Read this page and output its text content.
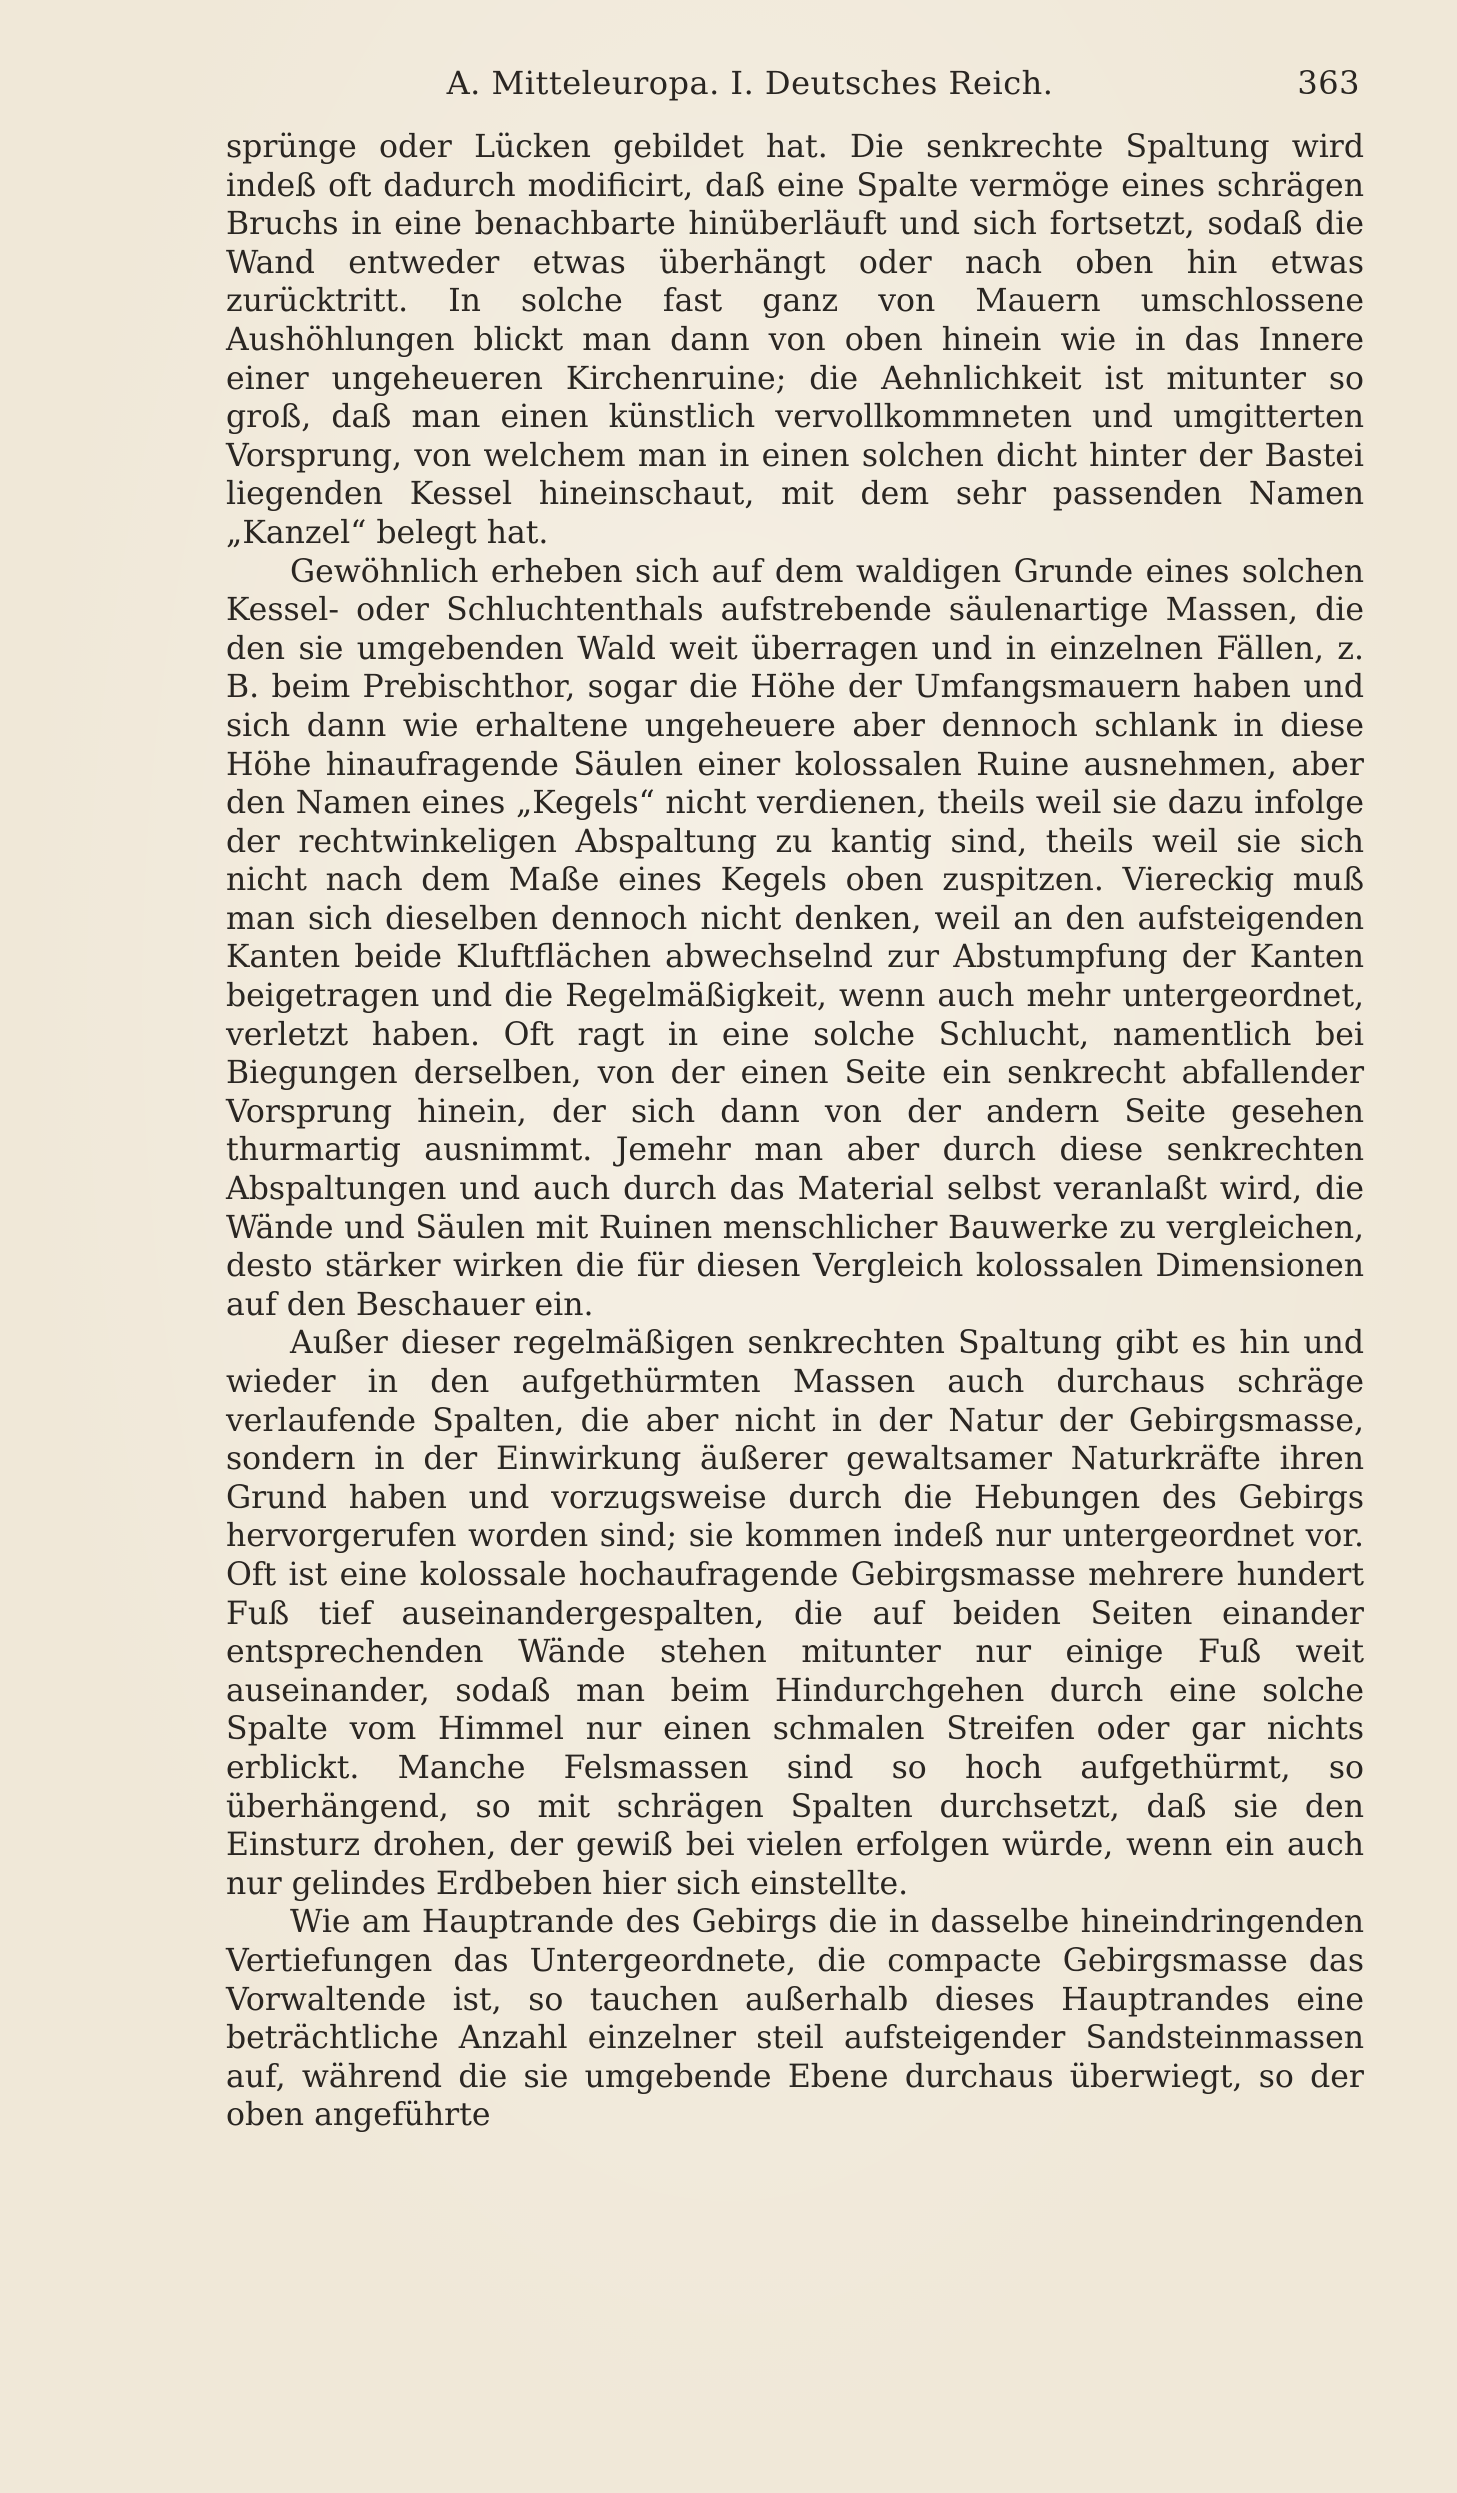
A. Mitteleuropa. I. Deutsches Reich.	363

sprünge oder Lücken gebildet hat. Die senkrechte Spaltung wird indeß oft dadurch modificirt, daß eine Spalte vermöge eines schrägen Bruchs in eine benachbarte hinüberläuft und sich fortsetzt, sodaß die Wand entweder etwas überhängt oder nach oben hin etwas zurücktritt. In solche fast ganz von Mauern umschlossene Aushöhlungen blickt man dann von oben hinein wie in das Innere einer ungeheueren Kirchenruine; die Aehnlichkeit ist mitunter so groß, daß man einen künstlich vervollkommneten und umgitterten Vorsprung, von welchem man in einen solchen dicht hinter der Bastei liegenden Kessel hineinschaut, mit dem sehr passenden Namen „Kanzel“ belegt hat.

Gewöhnlich erheben sich auf dem waldigen Grunde eines solchen Kessel- oder Schluchtenthals aufstrebende säulenartige Massen, die den sie umgebenden Wald weit überragen und in einzelnen Fällen, z. B. beim Prebischthor, sogar die Höhe der Umfangsmauern haben und sich dann wie erhaltene ungeheuere aber dennoch schlank in diese Höhe hinaufragende Säulen einer kolossalen Ruine ausnehmen, aber den Namen eines „Kegels“ nicht verdienen, theils weil sie dazu infolge der rechtwinkeligen Abspaltung zu kantig sind, theils weil sie sich nicht nach dem Maße eines Kegels oben zuspitzen. Viereckig muß man sich dieselben dennoch nicht denken, weil an den aufsteigenden Kanten beide Kluftflächen abwechselnd zur Abstumpfung der Kanten beigetragen und die Regelmäßigkeit, wenn auch mehr untergeordnet, verletzt haben. Oft ragt in eine solche Schlucht, namentlich bei Biegungen derselben, von der einen Seite ein senkrecht abfallender Vorsprung hinein, der sich dann von der andern Seite gesehen thurmartig ausnimmt. Jemehr man aber durch diese senkrechten Abspaltungen und auch durch das Material selbst veranlaßt wird, die Wände und Säulen mit Ruinen menschlicher Bauwerke zu vergleichen, desto stärker wirken die für diesen Vergleich kolossalen Dimensionen auf den Beschauer ein.

Außer dieser regelmäßigen senkrechten Spaltung gibt es hin und wieder in den aufgethürmten Massen auch durchaus schräge verlaufende Spalten, die aber nicht in der Natur der Gebirgsmasse, sondern in der Einwirkung äußerer gewaltsamer Naturkräfte ihren Grund haben und vorzugsweise durch die Hebungen des Gebirgs hervorgerufen worden sind; sie kommen indeß nur untergeordnet vor. Oft ist eine kolossale hochaufragende Gebirgsmasse mehrere hundert Fuß tief auseinandergespalten, die auf beiden Seiten einander entsprechenden Wände stehen mitunter nur einige Fuß weit auseinander, sodaß man beim Hindurchgehen durch eine solche Spalte vom Himmel nur einen schmalen Streifen oder gar nichts erblickt. Manche Felsmassen sind so hoch aufgethürmt, so überhängend, so mit schrägen Spalten durchsetzt, daß sie den Einsturz drohen, der gewiß bei vielen erfolgen würde, wenn ein auch nur gelindes Erdbeben hier sich einstellte.

Wie am Hauptrande des Gebirgs die in dasselbe hineindringenden Vertiefungen das Untergeordnete, die compacte Gebirgsmasse das Vorwaltende ist, so tauchen außerhalb dieses Hauptrandes eine beträchtliche Anzahl einzelner steil aufsteigender Sandsteinmassen auf, während die sie umgebende Ebene durchaus überwiegt, so der oben angeführte
